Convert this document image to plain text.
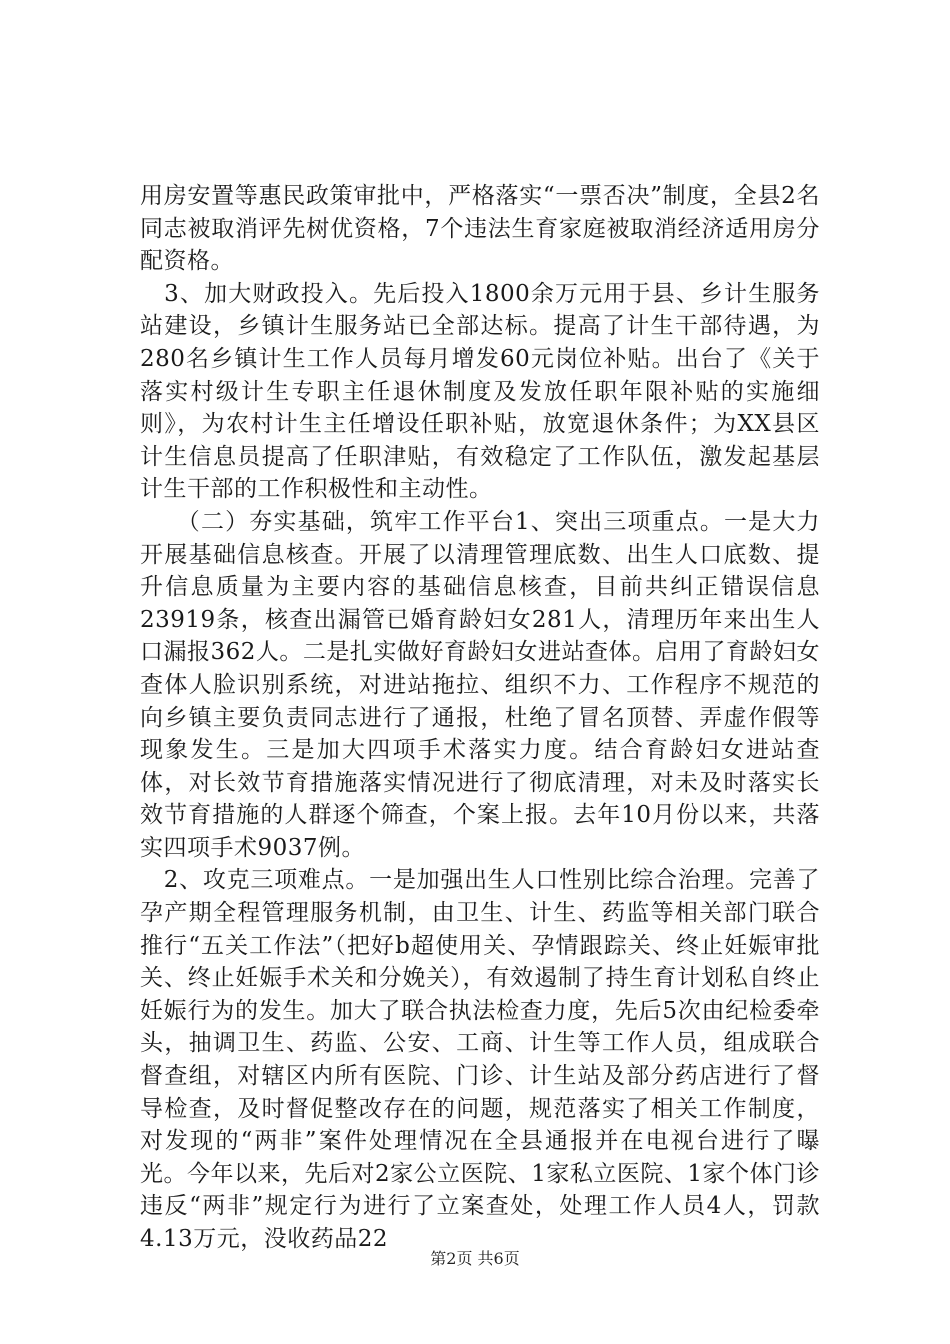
用房安置等惠民政策审批中，严格落实“一票否决”制度，全县2名同志被取消评先树优资格，7个违法生育家庭被取消经济适用房分配资格。

　3、加大财政投入。先后投入1800余万元用于县、乡计生服务站建设，乡镇计生服务站已全部达标。提高了计生干部待遇，为280名乡镇计生工作人员每月增发60元岗位补贴。出台了《关于落实村级计生专职主任退休制度及发放任职年限补贴的实施细则》，为农村计生主任增设任职补贴，放宽退休条件；为XX县区计生信息员提高了任职津贴，有效稳定了工作队伍，激发起基层计生干部的工作积极性和主动性。

　　（二）夯实基础，筑牢工作平台1、突出三项重点。一是大力开展基础信息核查。开展了以清理管理底数、出生人口底数、提升信息质量为主要内容的基础信息核查，目前共纠正错误信息23919条，核查出漏管已婚育龄妇女281人，清理历年来出生人口漏报362人。二是扎实做好育龄妇女进站查体。启用了育龄妇女查体人脸识别系统，对进站拖拉、组织不力、工作程序不规范的向乡镇主要负责同志进行了通报，杜绝了冒名顶替、弄虚作假等现象发生。三是加大四项手术落实力度。结合育龄妇女进站查体，对长效节育措施落实情况进行了彻底清理，对未及时落实长效节育措施的人群逐个筛查，个案上报。去年10月份以来，共落实四项手术9037例。

　2、攻克三项难点。一是加强出生人口性别比综合治理。完善了孕产期全程管理服务机制，由卫生、计生、药监等相关部门联合推行“五关工作法”（把好b超使用关、孕情跟踪关、终止妊娠审批关、终止妊娠手术关和分娩关），有效遏制了持生育计划私自终止妊娠行为的发生。加大了联合执法检查力度，先后5次由纪检委牵头，抽调卫生、药监、公安、工商、计生等工作人员，组成联合督查组，对辖区内所有医院、门诊、计生站及部分药店进行了督导检查，及时督促整改存在的问题，规范落实了相关工作制度，对发现的“两非”案件处理情况在全县通报并在电视台进行了曝光。今年以来，先后对2家公立医院、1家私立医院、1家个体门诊违反“两非”规定行为进行了立案查处，处理工作人员4人，罚款4.13万元，没收药品22

第2页 共6页
